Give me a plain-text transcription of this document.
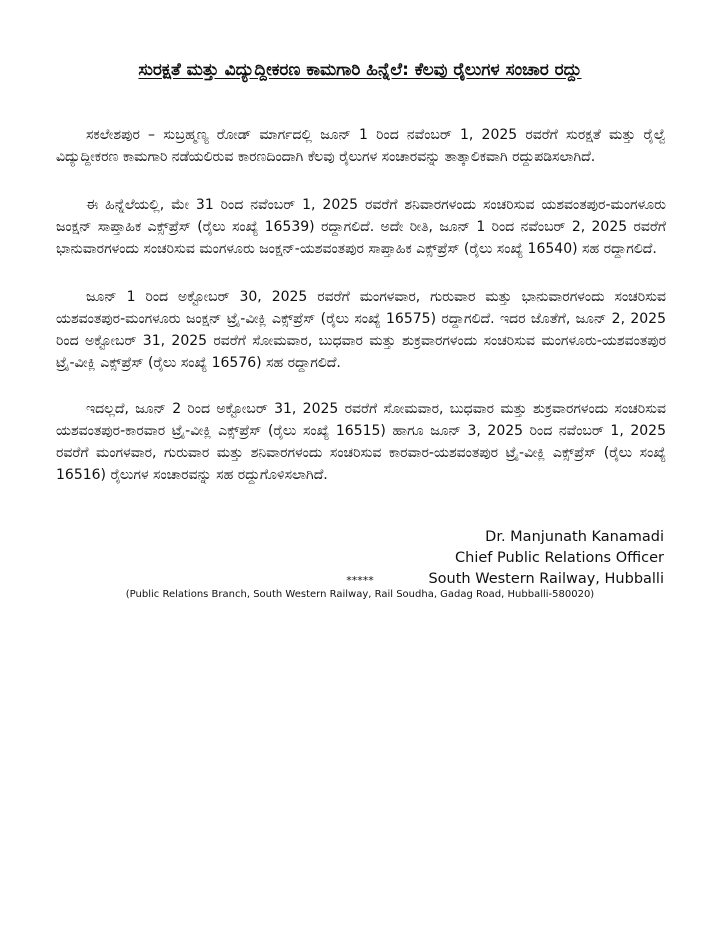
ಸುರಕ್ಷತೆ ಮತ್ತು ವಿದ್ಯುದ್ದೀಕರಣ ಕಾಮಗಾರಿ ಹಿನ್ನೆಲೆ: ಕೆಲವು ರೈಲುಗಳ ಸಂಚಾರ ರದ್ದು

ಸಕಲೇಶಪುರ – ಸುಬ್ರಹ್ಮಣ್ಯ ರೋಡ್ ಮಾರ್ಗದಲ್ಲಿ ಜೂನ್ 1 ರಿಂದ ನವೆಂಬರ್ 1, 2025 ರವರೆಗೆ ಸುರಕ್ಷತೆ ಮತ್ತು ರೈಲ್ವೆ ವಿದ್ಯುದ್ದೀಕರಣ ಕಾಮಗಾರಿ ನಡೆಯಲಿರುವ ಕಾರಣದಿಂದಾಗಿ ಕೆಲವು ರೈಲುಗಳ ಸಂಚಾರವನ್ನು ತಾತ್ಕಾಲಿಕವಾಗಿ ರದ್ದುಪಡಿಸಲಾಗಿದೆ.

ಈ ಹಿನ್ನೆಲೆಯಲ್ಲಿ, ಮೇ 31 ರಿಂದ ನವೆಂಬರ್ 1, 2025 ರವರೆಗೆ ಶನಿವಾರಗಳಂದು ಸಂಚರಿಸುವ ಯಶವಂತಪುರ-ಮಂಗಳೂರು ಜಂಕ್ಷನ್ ಸಾಪ್ತಾಹಿಕ ಎಕ್ಸ್‌ಪ್ರೆಸ್ (ರೈಲು ಸಂಖ್ಯೆ 16539) ರದ್ದಾಗಲಿದೆ. ಅದೇ ರೀತಿ, ಜೂನ್ 1 ರಿಂದ ನವೆಂಬರ್ 2, 2025 ರವರೆಗೆ ಭಾನುವಾರಗಳಂದು ಸಂಚರಿಸುವ ಮಂಗಳೂರು ಜಂಕ್ಷನ್-ಯಶವಂತಪುರ ಸಾಪ್ತಾಹಿಕ ಎಕ್ಸ್‌ಪ್ರೆಸ್ (ರೈಲು ಸಂಖ್ಯೆ 16540) ಸಹ ರದ್ದಾಗಲಿದೆ.

ಜೂನ್ 1 ರಿಂದ ಅಕ್ಟೋಬರ್ 30, 2025 ರವರೆಗೆ ಮಂಗಳವಾರ, ಗುರುವಾರ ಮತ್ತು ಭಾನುವಾರಗಳಂದು ಸಂಚರಿಸುವ ಯಶವಂತಪುರ-ಮಂಗಳೂರು ಜಂಕ್ಷನ್ ಟ್ರೈ-ವೀಕ್ಲಿ ಎಕ್ಸ್‌ಪ್ರೆಸ್ (ರೈಲು ಸಂಖ್ಯೆ 16575) ರದ್ದಾಗಲಿದೆ. ಇದರ ಜೊತೆಗೆ, ಜೂನ್ 2, 2025 ರಿಂದ ಅಕ್ಟೋಬರ್ 31, 2025 ರವರೆಗೆ ಸೋಮವಾರ, ಬುಧವಾರ ಮತ್ತು ಶುಕ್ರವಾರಗಳಂದು ಸಂಚರಿಸುವ ಮಂಗಳೂರು-ಯಶವಂತಪುರ ಟ್ರೈ-ವೀಕ್ಲಿ ಎಕ್ಸ್‌ಪ್ರೆಸ್ (ರೈಲು ಸಂಖ್ಯೆ 16576) ಸಹ ರದ್ದಾಗಲಿದೆ.

ಇದಲ್ಲದೆ, ಜೂನ್ 2 ರಿಂದ ಅಕ್ಟೋಬರ್ 31, 2025 ರವರೆಗೆ ಸೋಮವಾರ, ಬುಧವಾರ ಮತ್ತು ಶುಕ್ರವಾರಗಳಂದು ಸಂಚರಿಸುವ ಯಶವಂತಪುರ-ಕಾರವಾರ ಟ್ರೈ-ವೀಕ್ಲಿ ಎಕ್ಸ್‌ಪ್ರೆಸ್ (ರೈಲು ಸಂಖ್ಯೆ 16515) ಹಾಗೂ ಜೂನ್ 3, 2025 ರಿಂದ ನವೆಂಬರ್ 1, 2025 ರವರೆಗೆ ಮಂಗಳವಾರ, ಗುರುವಾರ ಮತ್ತು ಶನಿವಾರಗಳಂದು ಸಂಚರಿಸುವ ಕಾರವಾರ-ಯಶವಂತಪುರ ಟ್ರೈ-ವೀಕ್ಲಿ ಎಕ್ಸ್‌ಪ್ರೆಸ್ (ರೈಲು ಸಂಖ್ಯೆ 16516) ರೈಲುಗಳ ಸಂಚಾರವನ್ನು ಸಹ ರದ್ದುಗೊಳಿಸಲಾಗಿದೆ.

Dr. Manjunath Kanamadi
Chief Public Relations Officer
South Western Railway, Hubballi
*****
(Public Relations Branch, South Western Railway, Rail Soudha, Gadag Road, Hubballi-580020)
